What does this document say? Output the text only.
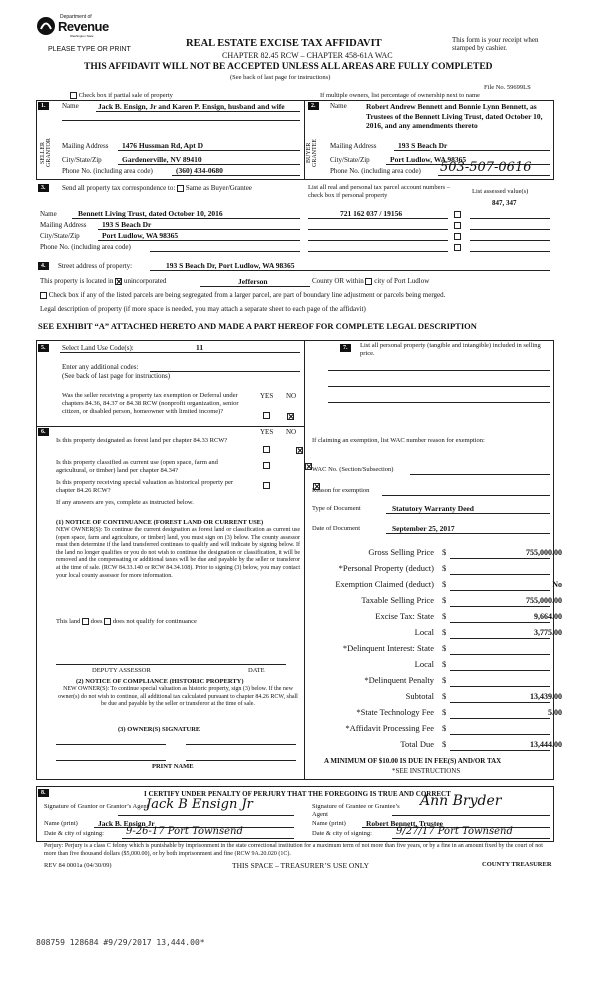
Department of
Revenue
Washington State
PLEASE TYPE OR PRINT
REAL ESTATE EXCISE TAX AFFIDAVIT
CHAPTER 82.45 RCW – CHAPTER 458-61A WAC
This form is your receipt when stamped by cashier.
THIS AFFIDAVIT WILL NOT BE ACCEPTED UNLESS ALL AREAS ARE FULLY COMPLETED
(See back of last page for instructions)
File No. 59699LS
Check box if partial sale of property	If multiple owners, list percentage of ownership next to name
1.
SELLER GRANTOR
Name	Jack B. Ensign, Jr and Karen P. Ensign, husband and wife
Mailing Address 1476 Hussman Rd, Apt D
City/State/Zip	Gardenerville, NV 89410
Phone No. (including area code)	(360) 434-0680
2.
BUYER GRANTEE
Name	Robert Andrew Bennett and Bonnie Lynn Bennett, as Trustees of the Bennett Living Trust, dated October 10, 2016, and any amendments thereto
Mailing Address	193 S Beach Dr
City/State/Zip	Port Ludlow, WA 98365
Phone No. (including area code) 503-507-0616
3.	Send all property tax correspondence to: Same as Buyer/Grantee	List all real and personal tax parcel account numbers – check box if personal property
List assessed value(s)
847, 347
Name	Bennett Living Trust, dated October 10, 2016
Mailing Address 193 S Beach Dr
City/State/Zip	Port Ludlow, WA 98365
Phone No. (including area code)
721 162 037 / 19156
4.	Street address of property:	193 S Beach Dr, Port Ludlow, WA 98365
This property is located in unincorporated	Jefferson	County OR within city of Port Ludlow
Check box if any of the listed parcels are being segregated from a larger parcel, are part of boundary line adjustment or parcels being merged.
Legal description of property (if more space is needed, you may attach a separate sheet to each page of the affidavit)
SEE EXHIBIT “A” ATTACHED HERETO AND MADE A PART HEREOF FOR COMPLETE LEGAL DESCRIPTION
5.	Select Land Use Code(s):	11
Enter any additional codes:
(See back of last page for instructions)
YES NO
Was the seller receiving a property tax exemption or Deferral under chapters 84.36, 84.37 or 84.38 RCW (nonprofit organization, senior citizen, or disabled person, homeowner with limited income)?

6.	YES NO
Is this property designated as forest land per chapter 84.33 RCW?

Is this property classified as current use (open space, farm and agricultural, or timber) land per chapter 84.34?

Is this property receiving special valuation as historical property per chapter 84.26 RCW?
If any answers are yes, complete as instructed below.
(1) NOTICE OF CONTINUANCE (FOREST LAND OR CURRENT USE)
NEW OWNER(S): To continue the current designation as forest land or classification as current use (open space, farm and agriculture, or timber) land, you must sign on (3) below. The county assessor must then determine if the land transferred continues to qualify and will indicate by signing below. If the land no longer qualifies or you do not wish to continue the designation or classification, it will be removed and the compensating or additional taxes will be due and payable by the seller or transferor at the time of sale. (RCW 84.33.140 or RCW 84.34.108). Prior to signing (3) below, you may contact your local county assessor for more information.
This land does does not qualify for continuance
DEPUTY ASSESSOR	DATE
(2) NOTICE OF COMPLIANCE (HISTORIC PROPERTY)
NEW OWNER(S): To continue special valuation as historic property, sign (3) below. If the new owner(s) do not wish to continue, all additional tax calculated pursuant to chapter 84.26 RCW, shall be due and payable by the seller or transferor at the time of sale.
(3) OWNER(S) SIGNATURE
PRINT NAME
7.	List all personal property (tangible and intangible) included in selling price.
If claiming an exemption, list WAC number reason for exemption:
WAC No. (Section/Subsection)
Reason for exemption
Type of Document	Statutory Warranty Deed
Date of Document	September 25, 2017
Gross Selling Price $	755,000.00
*Personal Property (deduct) $
Exemption Claimed (deduct) $	No
Taxable Selling Price $	755,000.00
Excise Tax: State $	9,664.00
Local $	3,775.00
*Delinquent Interest: State $
Local $
*Delinquent Penalty $
Subtotal $	13,439.00
*State Technology Fee $	5.00
*Affidavit Processing Fee $
Total Due $	13,444.00
A MINIMUM OF $10.00 IS DUE IN FEE(S) AND/OR TAX
*SEE INSTRUCTIONS
8.	I CERTIFY UNDER PENALTY OF PERJURY THAT THE FOREGOING IS TRUE AND CORRECT
Signature of Grantor or Grantor’s Agent
Jack B Ensign Jr
Name (print)	Jack B. Ensign Jr
Date & city of signing: 9-26-17 Port Townsend
Signature of Grantee or Grantee’s Agent
Ann Bryder
Name (print)	Robert Bennett, Trustee
Date & city of signing: 9/27/17 Port Townsend
Perjury: Perjury is a class C felony which is punishable by imprisonment in the state correctional institution for a maximum term of not more than five years, or by a fine in an amount fixed by the court of not more than five thousand dollars ($5,000.00), or by both imprisonment and fine (RCW 9A.20.020 (1C).
REV 84 0001a (04/30/09)	THIS SPACE – TREASURER’S USE ONLY	COUNTY TREASURER
808759 128684 #9/29/2017 13,444.00*
